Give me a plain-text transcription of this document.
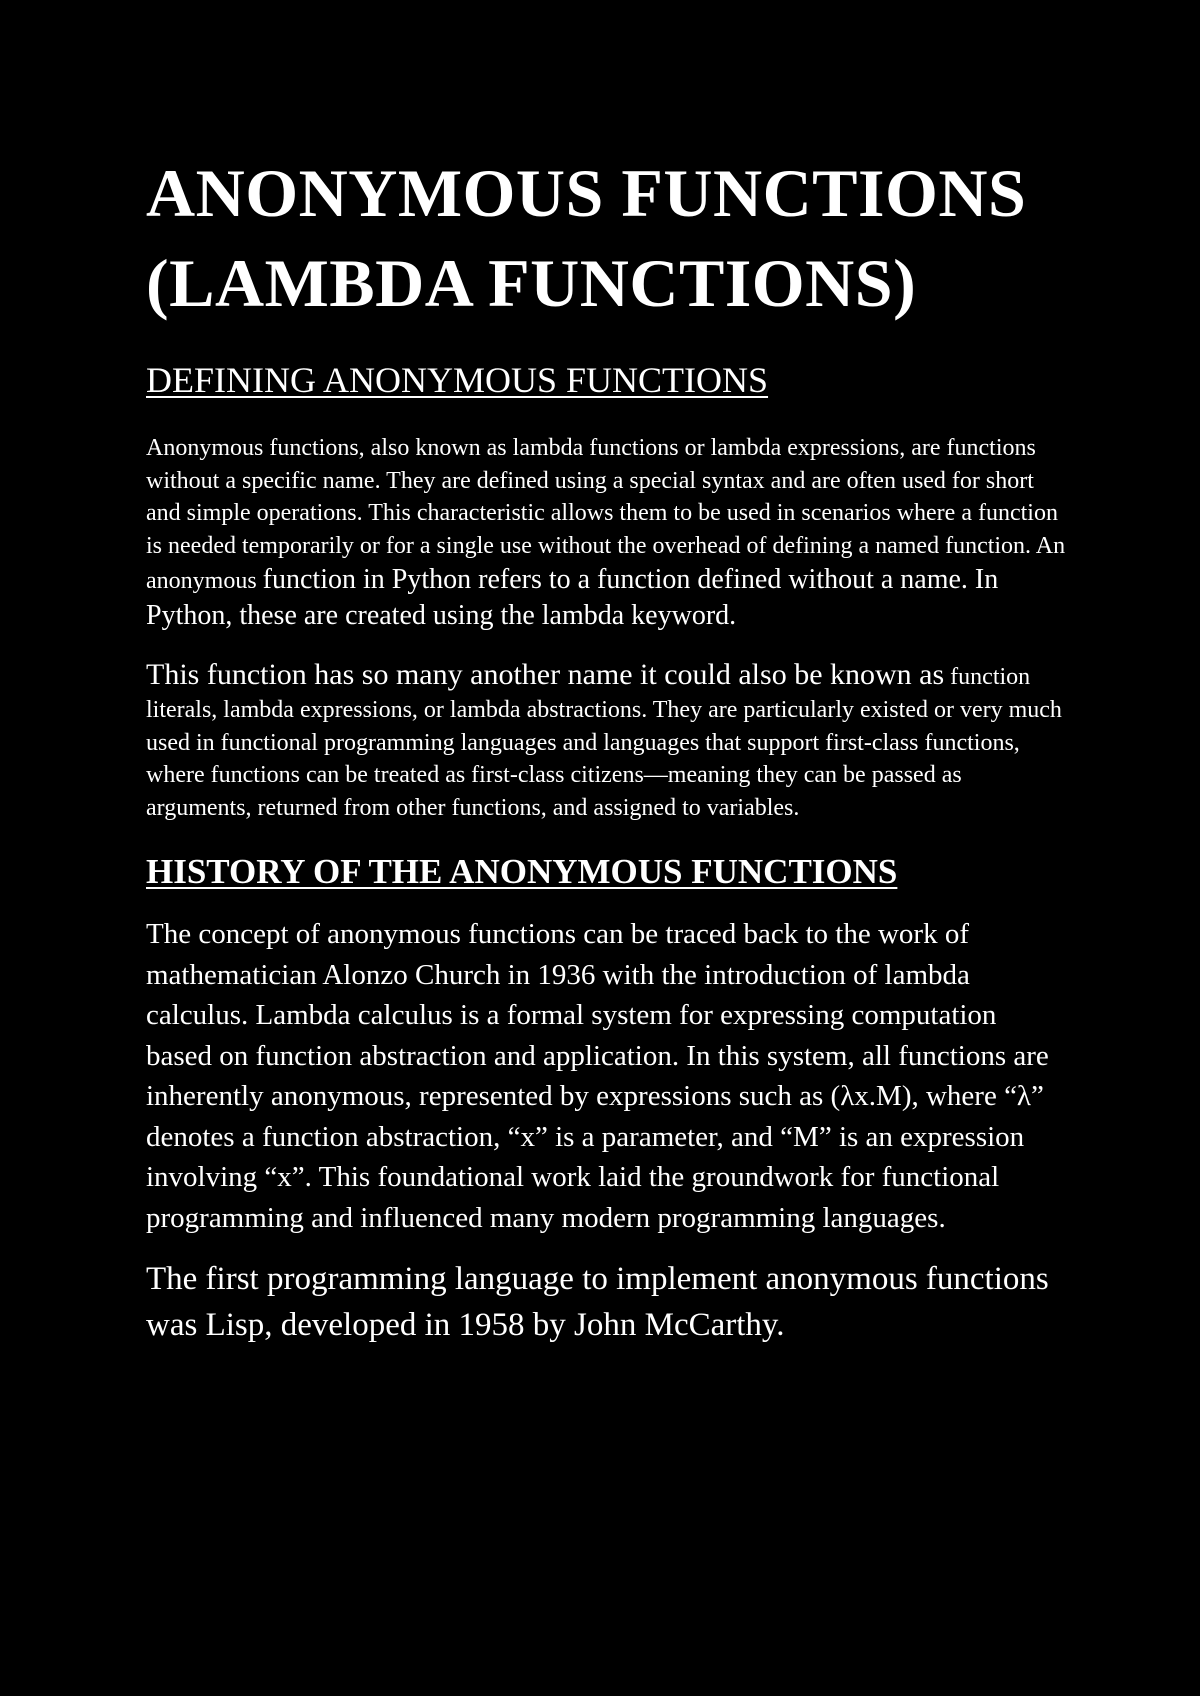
ANONYMOUS FUNCTIONS (LAMBDA FUNCTIONS)
DEFINING ANONYMOUS FUNCTIONS

Anonymous functions, also known as lambda functions or lambda expressions, are functions without a specific name. They are defined using a special syntax and are often used for short and simple operations. This characteristic allows them to be used in scenarios where a function is needed temporarily or for a single use without the overhead of defining a named function. An anonymous function in Python refers to a function defined without a name. In Python, these are created using the lambda keyword.

This function has so many another name it could also be known as function literals, lambda expressions, or lambda abstractions. They are particularly existed or very much used in functional programming languages and languages that support first-class functions, where functions can be treated as first-class citizens—meaning they can be passed as arguments, returned from other functions, and assigned to variables.

HISTORY OF THE ANONYMOUS FUNCTIONS

The concept of anonymous functions can be traced back to the work of mathematician Alonzo Church in 1936 with the introduction of lambda calculus. Lambda calculus is a formal system for expressing computation based on function abstraction and application. In this system, all functions are inherently anonymous, represented by expressions such as (λx.M), where “λ” denotes a function abstraction, “x” is a parameter, and “M” is an expression involving “x”. This foundational work laid the groundwork for functional programming and influenced many modern programming languages.

The first programming language to implement anonymous functions was Lisp, developed in 1958 by John McCarthy.
